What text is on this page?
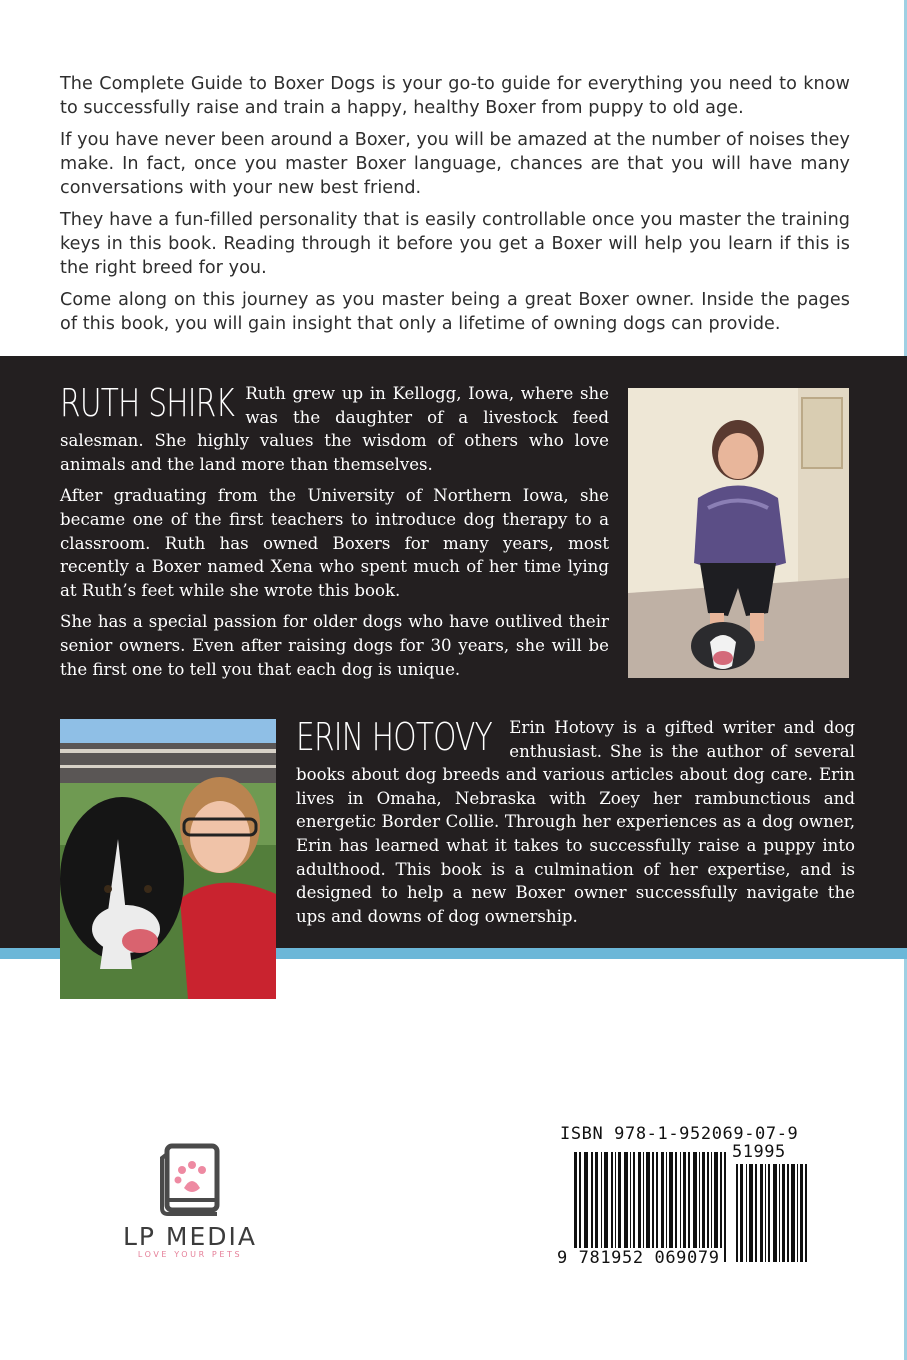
The Complete Guide to Boxer Dogs is your go-to guide for everything you need to know to successfully raise and train a happy, healthy Boxer from puppy to old age.

If you have never been around a Boxer, you will be amazed at the number of noises they make. In fact, once you master Boxer language, chances are that you will have many conversations with your new best friend.

They have a fun-filled personality that is easily controllable once you master the training keys in this book. Reading through it before you get a Boxer will help you learn if this is the right breed for you.

Come along on this journey as you master being a great Boxer owner. Inside the pages of this book, you will gain insight that only a lifetime of owning dogs can provide.

RUTH SHIRK Ruth grew up in Kellogg, Iowa, where she was the daughter of a livestock feed salesman. She highly values the wisdom of others who love animals and the land more than themselves.

After graduating from the University of Northern Iowa, she became one of the first teachers to introduce dog therapy to a classroom. Ruth has owned Boxers for many years, most recently a Boxer named Xena who spent much of her time lying at Ruth’s feet while she wrote this book.

She has a special passion for older dogs who have outlived their senior owners. Even after raising dogs for 30 years, she will be the first one to tell you that each dog is unique.

ERIN HOTOVY Erin Hotovy is a gifted writer and dog enthusiast. She is the author of several books about dog breeds and various articles about dog care. Erin lives in Omaha, Nebraska with Zoey her rambunctious and energetic Border Collie. Through her experiences as a dog owner, Erin has learned what it takes to successfully raise a puppy into adulthood. This book is a culmination of her expertise, and is designed to help a new Boxer owner successfully navigate the ups and downs of dog ownership.

LP MEDIA
LOVE YOUR PETS
ISBN 978-1-952069-07-9
51995
9 781952 069079
